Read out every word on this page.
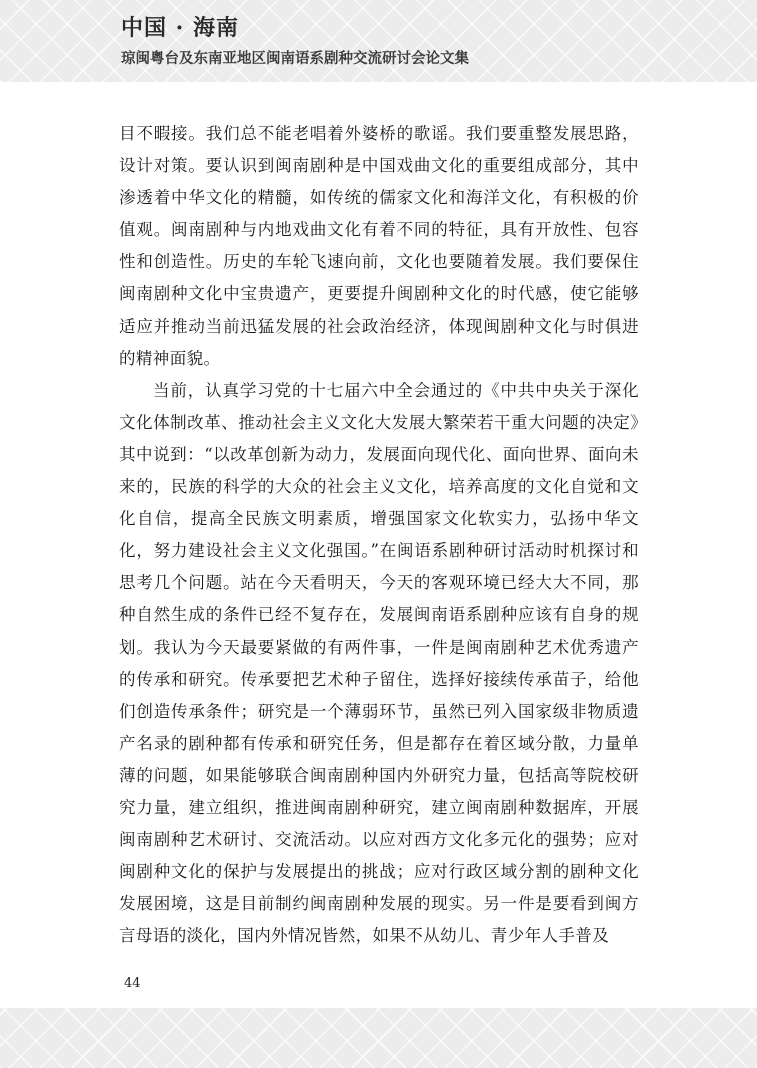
中国 · 海南
琼闽粤台及东南亚地区闽南语系剧种交流研讨会论文集

目不暇接。我们总不能老唱着外婆桥的歌谣。我们要重整发展思路，设计对策。要认识到闽南剧种是中国戏曲文化的重要组成部分，其中渗透着中华文化的精髓，如传统的儒家文化和海洋文化，有积极的价值观。闽南剧种与内地戏曲文化有着不同的特征，具有开放性、包容性和创造性。历史的车轮飞速向前，文化也要随着发展。我们要保住闽南剧种文化中宝贵遗产，更要提升闽剧种文化的时代感，使它能够适应并推动当前迅猛发展的社会政治经济，体现闽剧种文化与时俱进的精神面貌。

当前，认真学习党的十七届六中全会通过的《中共中央关于深化文化体制改革、推动社会主义文化大发展大繁荣若干重大问题的决定》其中说到：“以改革创新为动力，发展面向现代化、面向世界、面向未来的，民族的科学的大众的社会主义文化，培养高度的文化自觉和文化自信，提高全民族文明素质，增强国家文化软实力，弘扬中华文化，努力建设社会主义文化强国。”在闽语系剧种研讨活动时机探讨和思考几个问题。站在今天看明天，今天的客观环境已经大大不同，那种自然生成的条件已经不复存在，发展闽南语系剧种应该有自身的规划。我认为今天最要紧做的有两件事，一件是闽南剧种艺术优秀遗产的传承和研究。传承要把艺术种子留住，选择好接续传承苗子，给他们创造传承条件；研究是一个薄弱环节，虽然已列入国家级非物质遗产名录的剧种都有传承和研究任务，但是都存在着区域分散，力量单薄的问题，如果能够联合闽南剧种国内外研究力量，包括高等院校研究力量，建立组织，推进闽南剧种研究，建立闽南剧种数据库，开展闽南剧种艺术研讨、交流活动。以应对西方文化多元化的强势；应对闽剧种文化的保护与发展提出的挑战；应对行政区域分割的剧种文化发展困境，这是目前制约闽南剧种发展的现实。另一件是要看到闽方言母语的淡化，国内外情况皆然，如果不从幼儿、青少年人手普及

44
